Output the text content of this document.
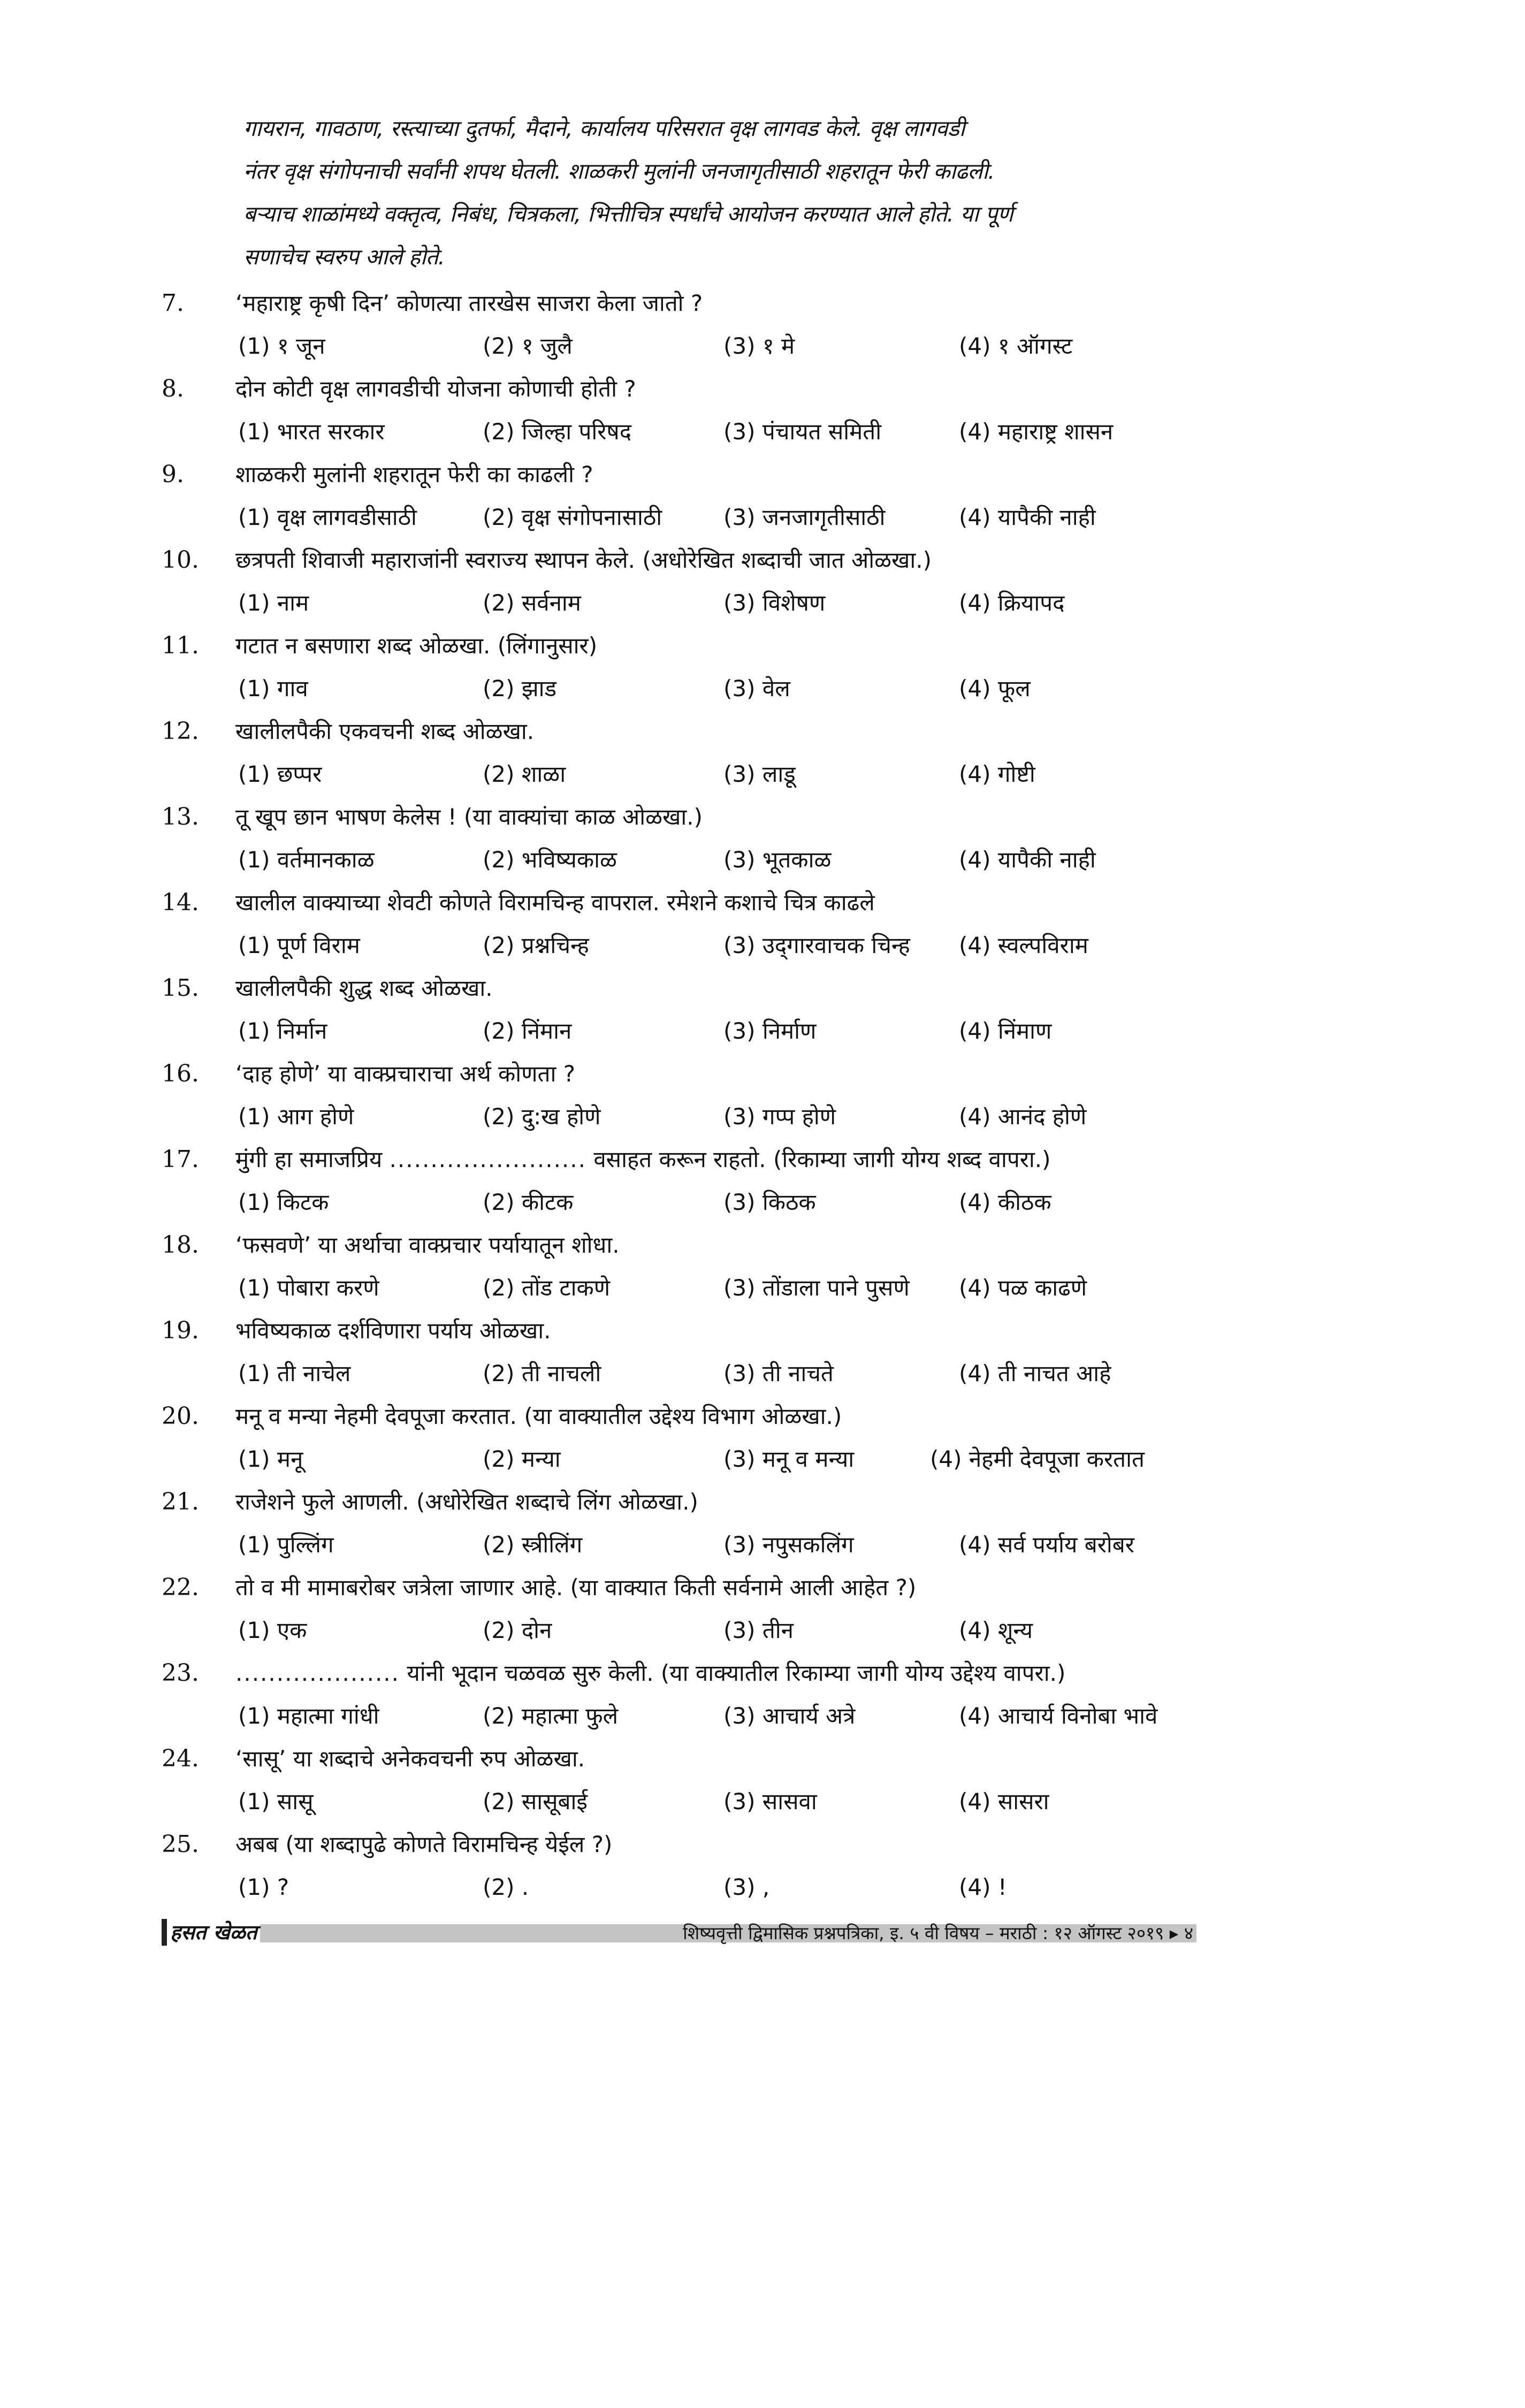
गायरान, गावठाण, रस्त्याच्या दुतर्फा, मैदाने, कार्यालय परिसरात वृक्ष लागवड केले. वृक्ष लागवडी
नंतर वृक्ष संगोपनाची सर्वांनी शपथ घेतली. शाळकरी मुलांनी जनजागृतीसाठी शहरातून फेरी काढली.
बऱ्याच शाळांमध्ये वक्तृत्व, निबंध, चित्रकला, भित्तीचित्र स्पर्धांचे आयोजन करण्यात आले होते. या पूर्ण
सणाचेच स्वरुप आले होते.
7. ‘महाराष्ट्र कृषी दिन’ कोणत्या तारखेस साजरा केला जातो ?
(1) १ जून	(2) १ जुलै	(3) १ मे	(4) १ ऑगस्ट
8. दोन कोटी वृक्ष लागवडीची योजना कोणाची होती ?
(1) भारत सरकार	(2) जिल्हा परिषद	(3) पंचायत समिती	(4) महाराष्ट्र शासन
9. शाळकरी मुलांनी शहरातून फेरी का काढली ?
(1) वृक्ष लागवडीसाठी	(2) वृक्ष संगोपनासाठी	(3) जनजागृतीसाठी	(4) यापैकी नाही
10. छत्रपती शिवाजी महाराजांनी स्वराज्य स्थापन केले. (अधोरेखित शब्दाची जात ओळखा.)
(1) नाम	(2) सर्वनाम	(3) विशेषण	(4) क्रियापद
11. गटात न बसणारा शब्द ओळखा. (लिंगानुसार)
(1) गाव	(2) झाड	(3) वेल	(4) फूल
12. खालीलपैकी एकवचनी शब्द ओळखा.
(1) छप्पर	(2) शाळा	(3) लाडू	(4) गोष्टी
13. तू खूप छान भाषण केलेस ! (या वाक्यांचा काळ ओळखा.)
(1) वर्तमानकाळ	(2) भविष्यकाळ	(3) भूतकाळ	(4) यापैकी नाही
14. खालील वाक्याच्या शेवटी कोणते विरामचिन्ह वापराल. रमेशने कशाचे चित्र काढले
(1) पूर्ण विराम	(2) प्रश्नचिन्ह	(3) उद्‌गारवाचक चिन्ह (4) स्वल्पविराम
15. खालीलपैकी शुद्ध शब्द ओळखा.
(1) निर्मान	(2) निंमान	(3) निर्माण	(4) निंमाण
16. ‘दाह होणे’ या वाक्प्रचाराचा अर्थ कोणता ?
(1) आग होणे	(2) दु:ख होणे	(3) गप्प होणे	(4) आनंद होणे
17. मुंगी हा समाजप्रिय ........................ वसाहत करून राहतो. (रिकाम्या जागी योग्य शब्द वापरा.)
(1) किटक	(2) कीटक	(3) किठक	(4) कीठक
18. ‘फसवणे’ या अर्थाचा वाक्प्रचार पर्यायातून शोधा.
(1) पोबारा करणे	(2) तोंड टाकणे	(3) तोंडाला पाने पुसणे (4) पळ काढणे
19. भविष्यकाळ दर्शविणारा पर्याय ओळखा.
(1) ती नाचेल	(2) ती नाचली	(3) ती नाचते	(4) ती नाचत आहे
20. मनू व मन्या नेहमी देवपूजा करतात. (या वाक्यातील उद्देश्य विभाग ओळखा.)
(1) मनू	(2) मन्या	(3) मनू व मन्या	(4) नेहमी देवपूजा करतात
21. राजेशने फुले आणली. (अधोरेखित शब्दाचे लिंग ओळखा.)
(1) पुल्लिंग	(2) स्त्रीलिंग	(3) नपुसकलिंग	(4) सर्व पर्याय बरोबर
22. तो व मी मामाबरोबर जत्रेला जाणार आहे. (या वाक्यात किती सर्वनामे आली आहेत ?)
(1) एक	(2) दोन	(3) तीन	(4) शून्य
23. .................... यांनी भूदान चळवळ सुरु केली. (या वाक्यातील रिकाम्या जागी योग्य उद्देश्य वापरा.)
(1) महात्मा गांधी	(2) महात्मा फुले	(3) आचार्य अत्रे	(4) आचार्य विनोबा भावे
24. ‘सासू’ या शब्दाचे अनेकवचनी रुप ओळखा.
(1) सासू	(2) सासूबाई	(3) सासवा	(4) सासरा
25. अबब (या शब्दापुढे कोणते विरामचिन्ह येईल ?)
(1) ?	(2) .	(3) ,	(4) !
हसत खेळत	शिष्यवृत्ती द्विमासिक प्रश्नपत्रिका, इ. ५ वी विषय – मराठी : १२ ऑगस्ट २०१९ ▸ ४
